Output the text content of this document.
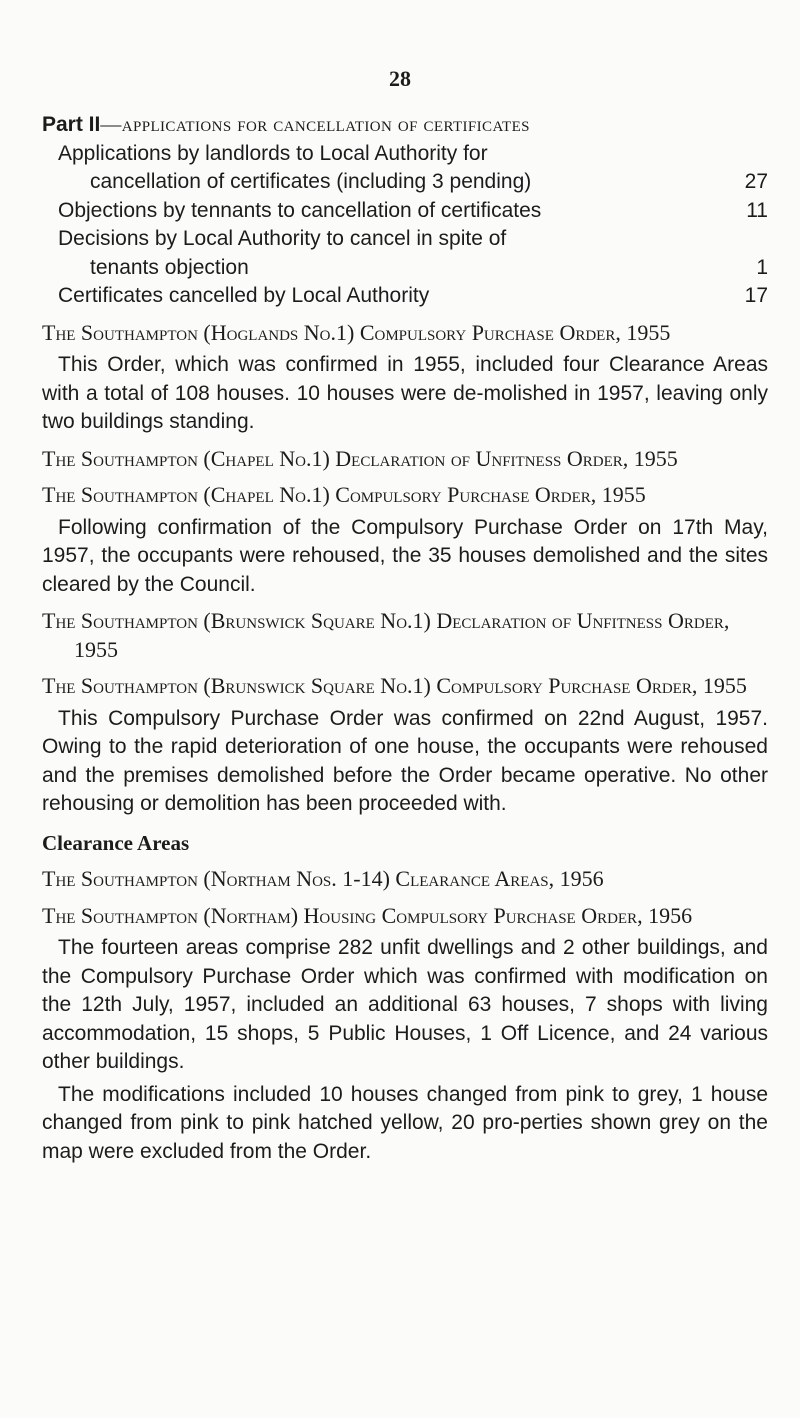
28
Part II—applications for cancellation of certificates
Applications by landlords to Local Authority for
cancellation of certificates (including 3 pending)	27
Objections by tennants to cancellation of certificates	11
Decisions by Local Authority to cancel in spite of
tenants objection	1
Certificates cancelled by Local Authority	17
The Southampton (Hoglands No.1) Compulsory Purchase Order, 1955
This Order, which was confirmed in 1955, included four Clearance Areas with a total of 108 houses. 10 houses were de-molished in 1957, leaving only two buildings standing.
The Southampton (Chapel No.1) Declaration of Unfitness Order, 1955
The Southampton (Chapel No.1) Compulsory Purchase Order, 1955
Following confirmation of the Compulsory Purchase Order on 17th May, 1957, the occupants were rehoused, the 35 houses demolished and the sites cleared by the Council.
The Southampton (Brunswick Square No.1) Declaration of Unfitness Order, 1955
The Southampton (Brunswick Square No.1) Compulsory Purchase Order, 1955
This Compulsory Purchase Order was confirmed on 22nd August, 1957. Owing to the rapid deterioration of one house, the occupants were rehoused and the premises demolished before the Order became operative. No other rehousing or demolition has been proceeded with.
Clearance Areas
The Southampton (Northam Nos. 1-14) Clearance Areas, 1956
The Southampton (Northam) Housing Compulsory Purchase Order, 1956
The fourteen areas comprise 282 unfit dwellings and 2 other buildings, and the Compulsory Purchase Order which was confirmed with modification on the 12th July, 1957, included an additional 63 houses, 7 shops with living accommodation, 15 shops, 5 Public Houses, 1 Off Licence, and 24 various other buildings.
The modifications included 10 houses changed from pink to grey, 1 house changed from pink to pink hatched yellow, 20 pro-perties shown grey on the map were excluded from the Order.
